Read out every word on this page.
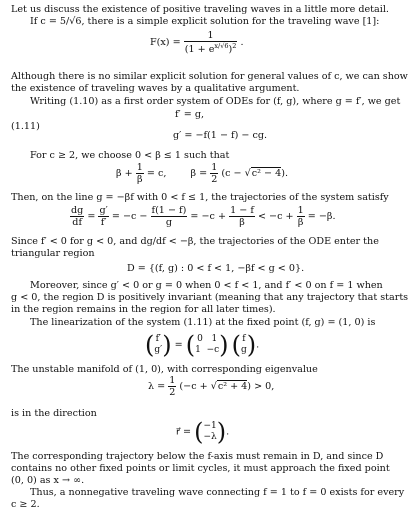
Let us discuss the existence of positive traveling waves in a little more detail.
If c = 5/√6, there is a simple explicit solution for the traveling wave [1]:
$F(x) = \frac{1}{(1 + e^{x/√6})^2}$ .
Although there is no similar explicit solution for general values of c, we can show
the existence of traveling waves by a qualitative argument.
Writing (1.10) as a first order system of ODEs for (f, g), where g = f′, we get
(1.11)
f′ = g,
g′ = −f(1 − f) − cg.
For c ≥ 2, we choose 0 < β ≤ 1 such that
$\beta + \frac{1}{\beta} = c$,	$\beta = \frac{1}{2} (c - √c^2 - 4)$.
Then, on the line g = −βf with 0 < f ≤ 1, the trajectories of the system satisfy
$\frac{dg}{df} = \frac{g'}{f'} = -c - \frac{f(1 - f)}{g} = -c + \frac{1 - f}{\beta} < -c + \frac{1}{\beta} = -\beta$.
Since f′ < 0 for g < 0, and dg/df < −β, the trajectories of the ODE enter the
triangular region
D = {(f, g) : 0 < f < 1, −βf < g < 0}.
Moreover, since g′ < 0 or g = 0 when 0 < f < 1, and f′ < 0 on f = 1 when
g < 0, the region D is positively invariant (meaning that any trajectory that starts
in the region remains in the region for all later times).
The linearization of the system (1.11) at the fixed point (f, g) = (1, 0) is
( f′
g′ ) = ( 0 1
1 −c ) ( f
g ).
The unstable manifold of (1, 0), with corresponding eigenvalue
$\lambda = \frac{1}{2} (-c + √c^2 + 4) > 0$,
is in the direction
r⃗ = ( −1
−λ ).
The corresponding trajectory below the f-axis must remain in D, and since D
contains no other fixed points or limit cycles, it must approach the fixed point
(0, 0) as x → ∞.
Thus, a nonnegative traveling wave connecting f = 1 to f = 0 exists for every
c ≥ 2.
